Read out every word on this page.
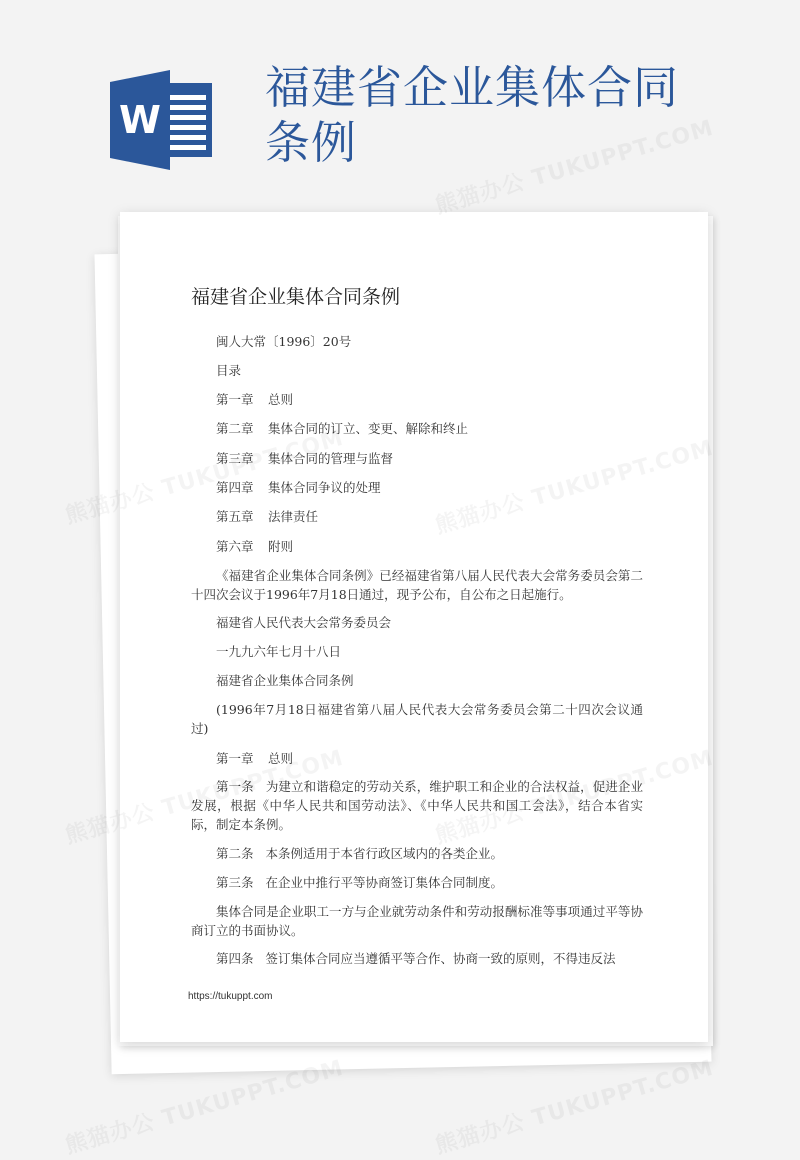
W
福建省企业集体合同条例
福建省企业集体合同条例
闽人大常〔1996〕20号
目录
第一章 总则
第二章 集体合同的订立、变更、解除和终止
第三章 集体合同的管理与监督
第四章 集体合同争议的处理
第五章 法律责任
第六章 附则
《福建省企业集体合同条例》已经福建省第八届人民代表大会常务委员会第二十四次会议于1996年7月18日通过，现予公布，自公布之日起施行。
福建省人民代表大会常务委员会
一九九六年七月十八日
福建省企业集体合同条例
(1996年7月18日福建省第八届人民代表大会常务委员会第二十四次会议通过)
第一章 总则
第一条 为建立和谐稳定的劳动关系，维护职工和企业的合法权益，促进企业发展，根据《中华人民共和国劳动法》、《中华人民共和国工会法》，结合本省实际，制定本条例。
第二条 本条例适用于本省行政区域内的各类企业。
第三条 在企业中推行平等协商签订集体合同制度。
集体合同是企业职工一方与企业就劳动条件和劳动报酬标准等事项通过平等协商订立的书面协议。
第四条 签订集体合同应当遵循平等合作、协商一致的原则，不得违反法
https://tukuppt.com
